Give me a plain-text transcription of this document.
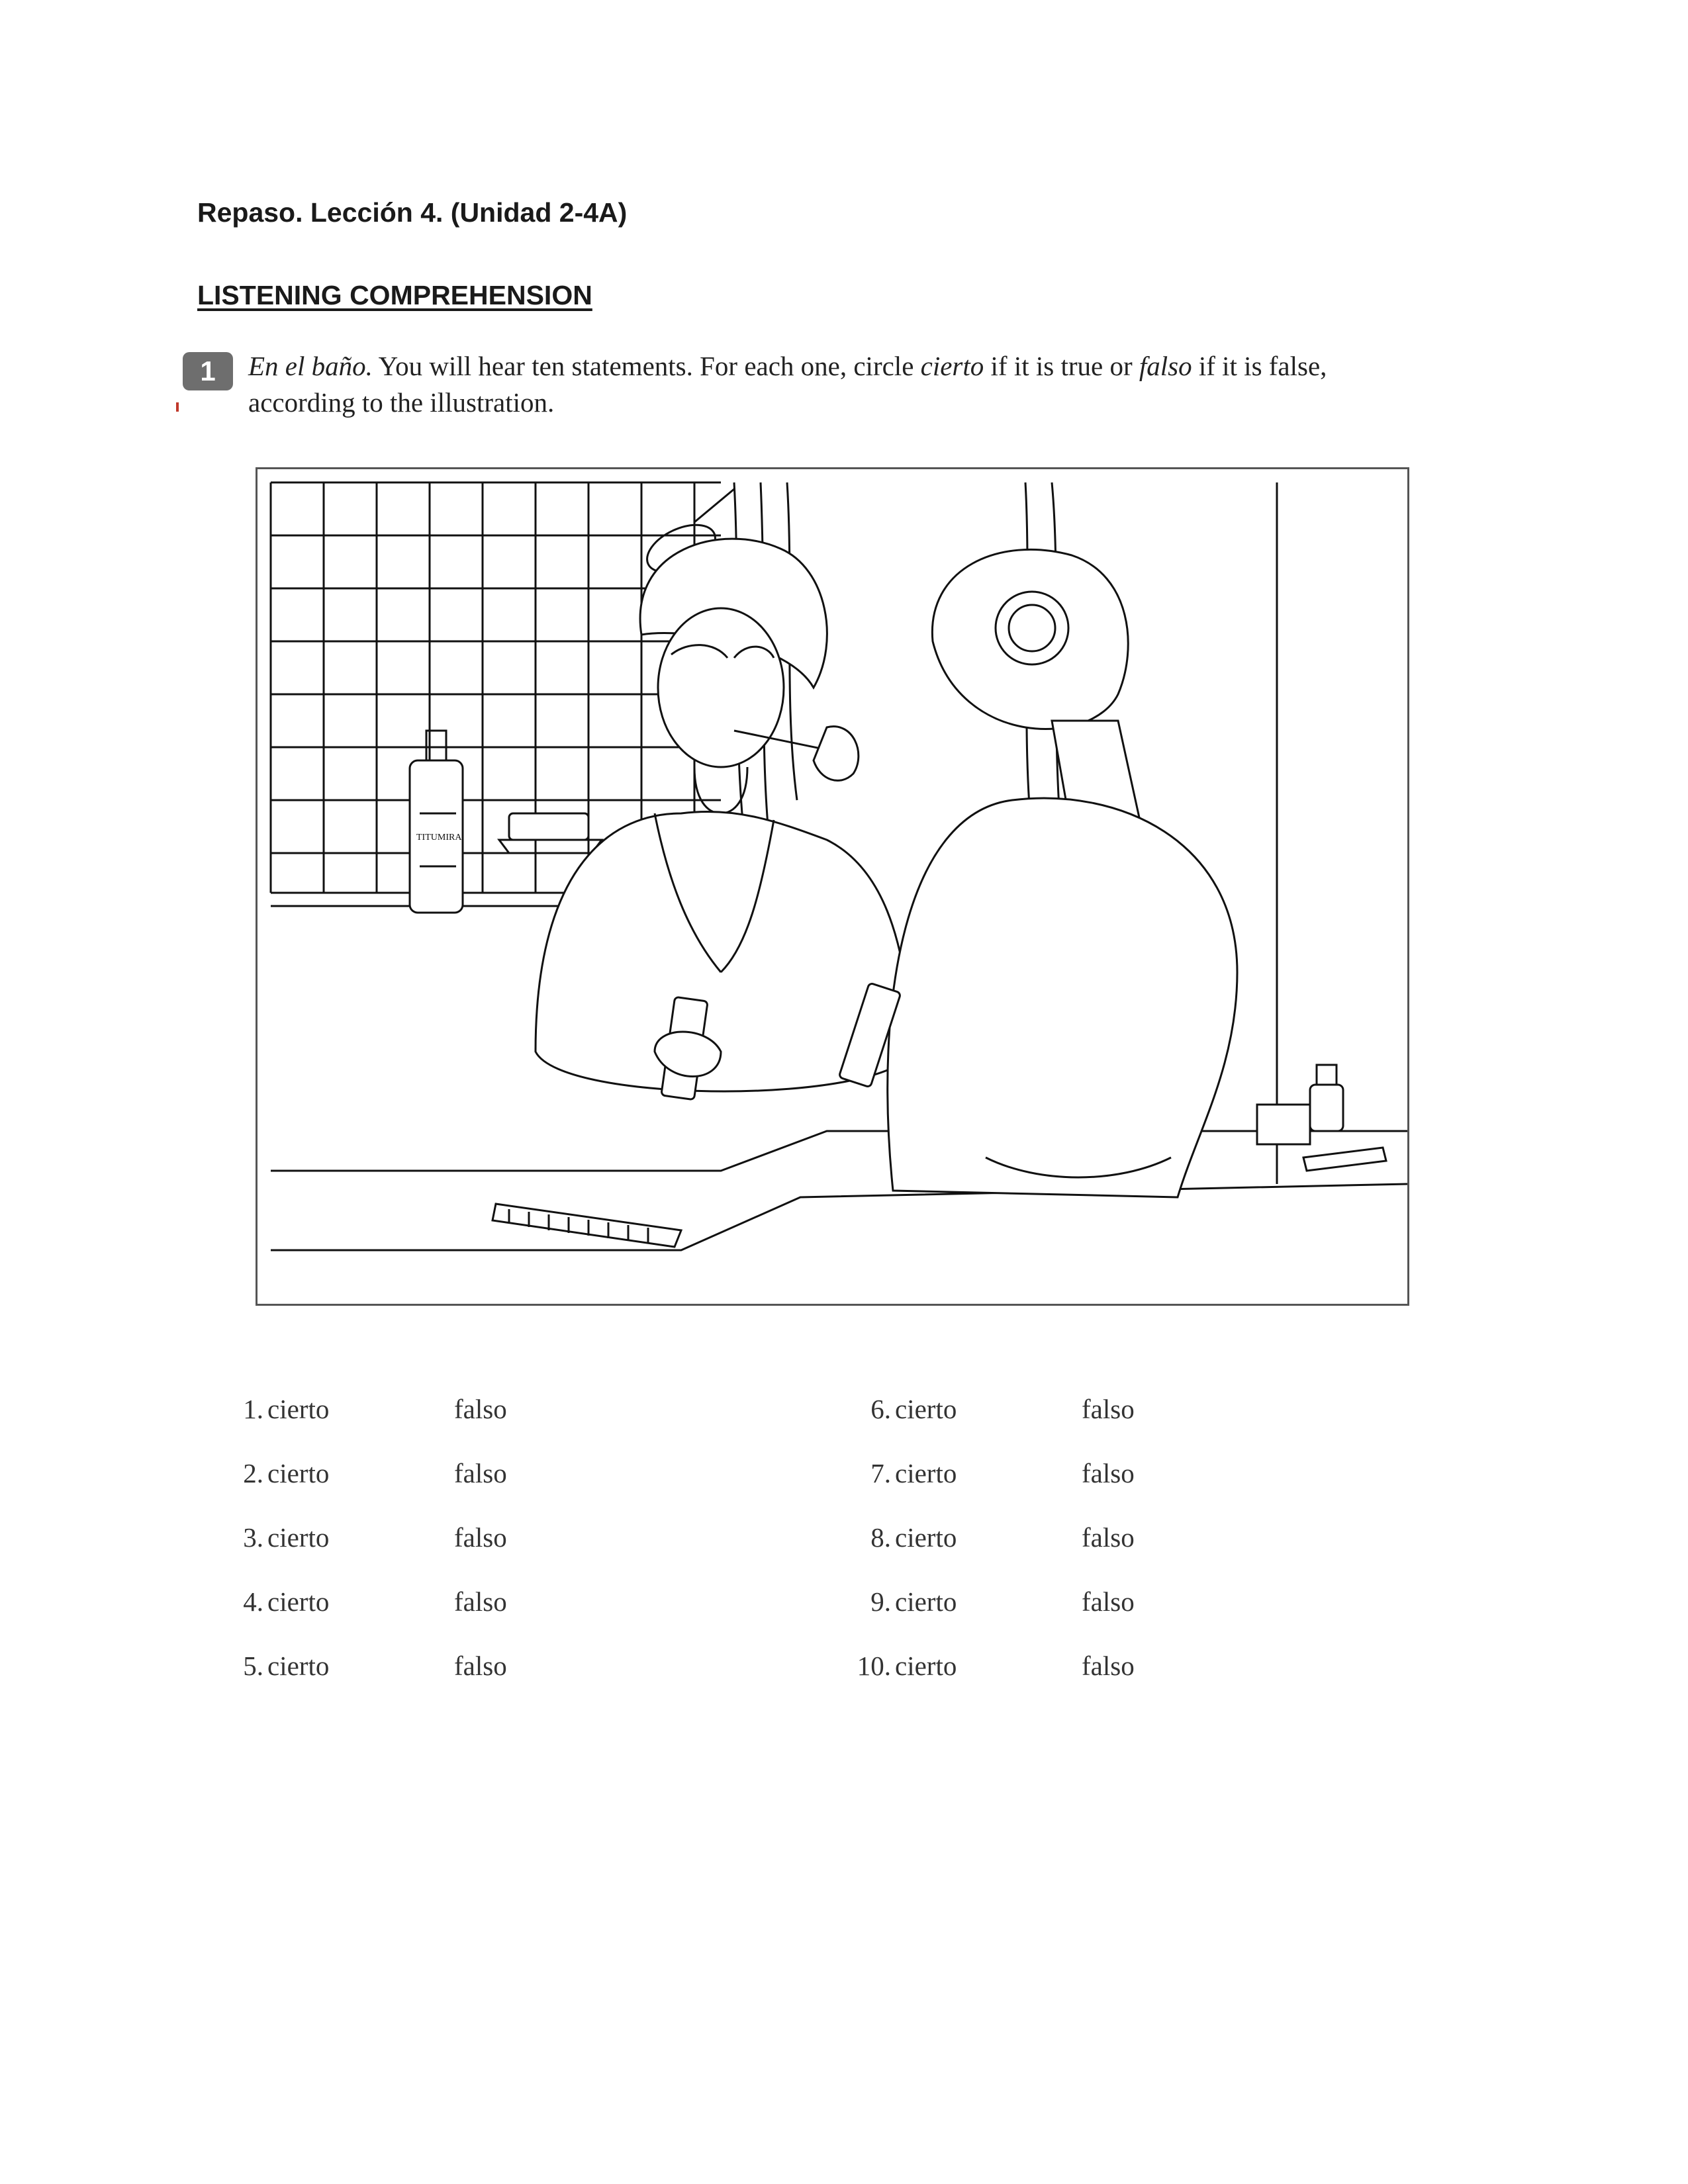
Repaso. Lección 4. (Unidad 2-4A)
LISTENING COMPREHENSION
1	En el baño. You will hear ten statements. For each one, circle cierto if it is true or falso if it is false, according to the illustration.

TITUMIRA
1. cierto	falso
2. cierto	falso
3. cierto	falso
4. cierto	falso
5. cierto	falso
6. cierto	falso
7. cierto	falso
8. cierto	falso
9. cierto	falso
10. cierto	falso
